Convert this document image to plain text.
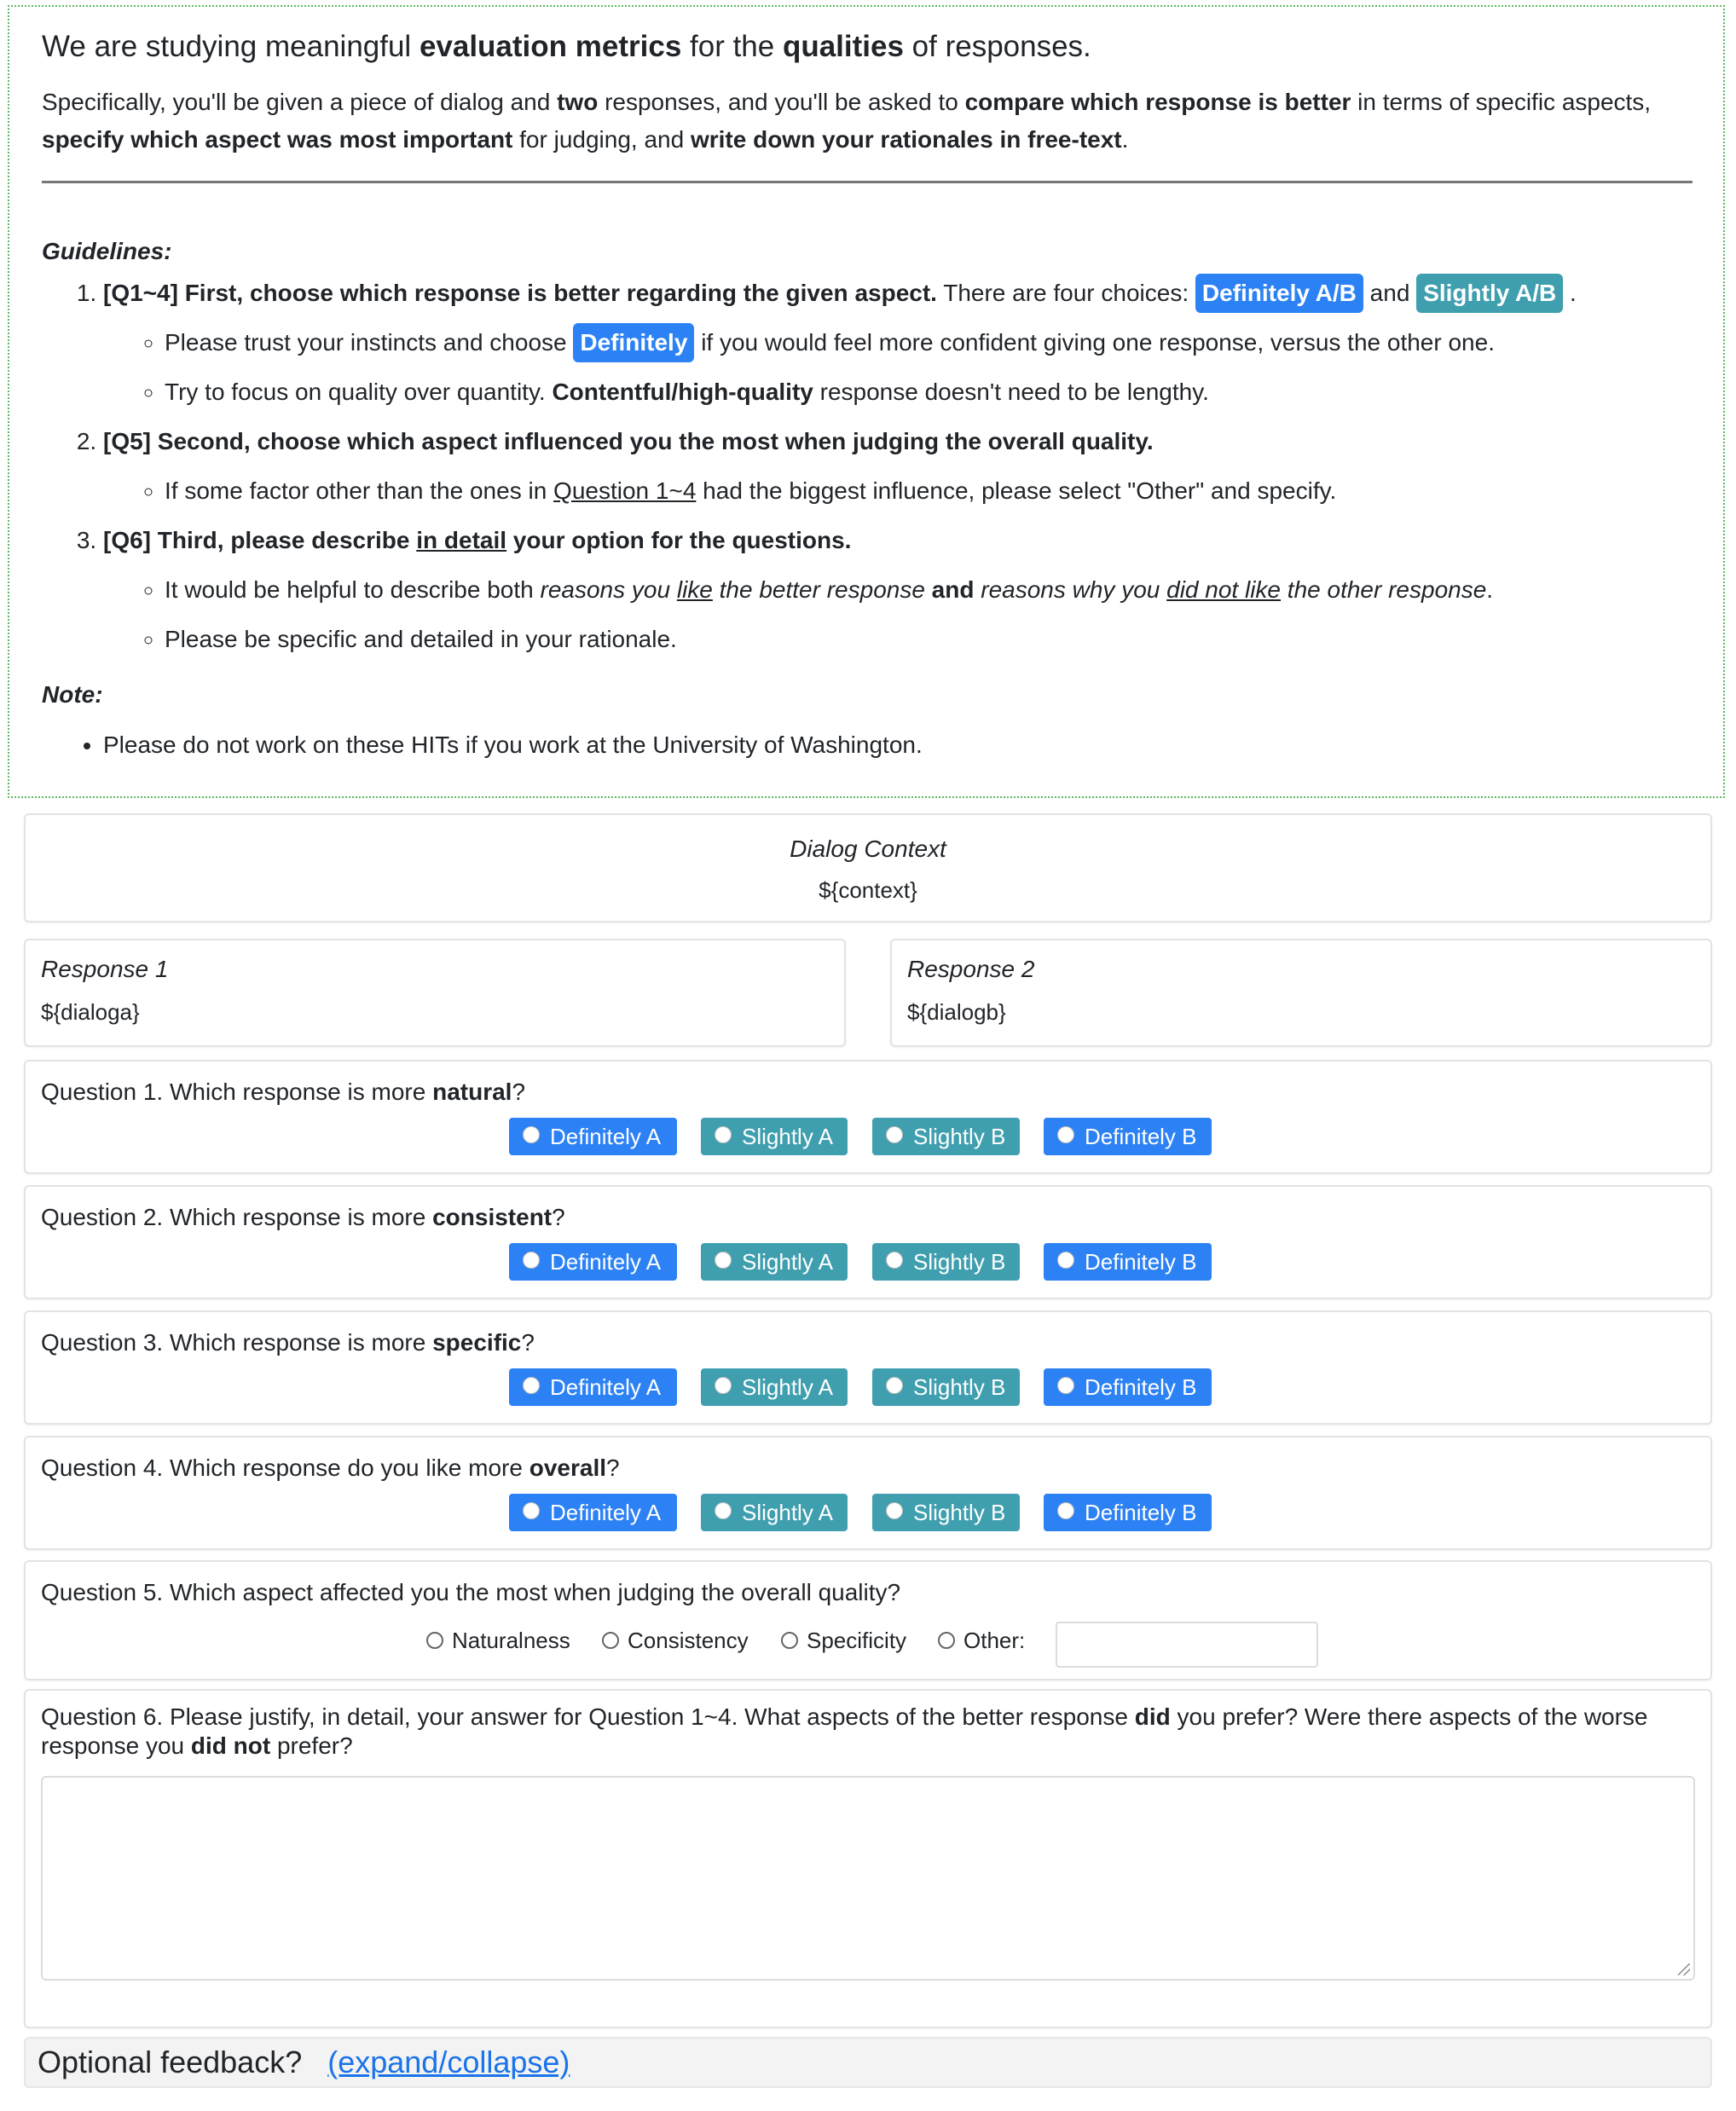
We are studying meaningful evaluation metrics for the qualities of responses.

Specifically, you'll be given a piece of dialog and two responses, and you'll be asked to compare which response is better in terms of specific aspects, specify which aspect was most important for judging, and write down your rationales in free-text.

Guidelines:

1. [Q1~4] First, choose which response is better regarding the given aspect. There are four choices: Definitely A/B and Slightly A/B .
◦ Please trust your instincts and choose Definitely if you would feel more confident giving one response, versus the other one.
◦ Try to focus on quality over quantity. Contentful/high-quality response doesn't need to be lengthy.
2. [Q5] Second, choose which aspect influenced you the most when judging the overall quality.
◦ If some factor other than the ones in Question 1~4 had the biggest influence, please select "Other" and specify.
3. [Q6] Third, please describe in detail your option for the questions.
◦ It would be helpful to describe both reasons you like the better response and reasons why you did not like the other response.
◦ Please be specific and detailed in your rationale.

Note:

• Please do not work on these HITs if you work at the University of Washington.
Dialog Context
${context}
Response 1
${dialoga}
Response 2
${dialogb}
Question 1. Which response is more natural?
Definitely A	Slightly A	Slightly B	Definitely B
Question 2. Which response is more consistent?
Definitely A	Slightly A	Slightly B	Definitely B
Question 3. Which response is more specific?
Definitely A	Slightly A	Slightly B	Definitely B
Question 4. Which response do you like more overall?
Definitely A	Slightly A	Slightly B	Definitely B
Question 5. Which aspect affected you the most when judging the overall quality?
Naturalness	Consistency	Specificity	Other:
Question 6. Please justify, in detail, your answer for Question 1~4. What aspects of the better response did you prefer? Were there aspects of the worse response you did not prefer?
Optional feedback? (expand/collapse)
